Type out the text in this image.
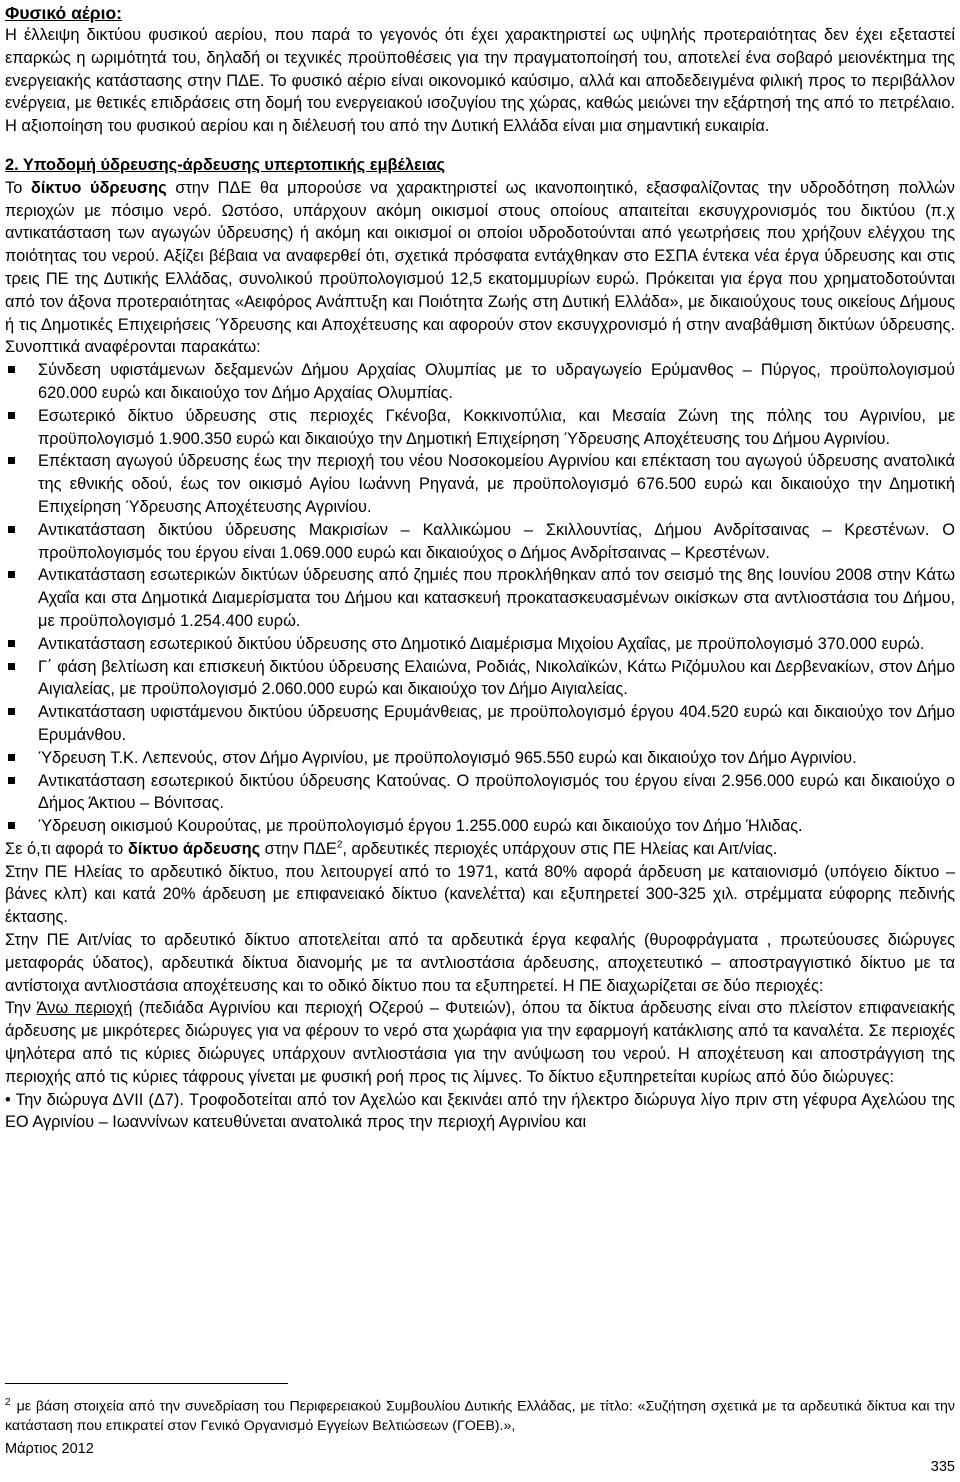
Φυσικό αέριο:

Η έλλειψη δικτύου φυσικού αερίου, που παρά το γεγονός ότι έχει χαρακτηριστεί ως υψηλής προτεραιότητας δεν έχει εξεταστεί επαρκώς η ωριμότητά του, δηλαδή οι τεχνικές προϋποθέσεις για την πραγματοποίησή του, αποτελεί ένα σοβαρό μειονέκτημα της ενεργειακής κατάστασης στην ΠΔΕ. Το φυσικό αέριο είναι οικονομικό καύσιμο, αλλά και αποδεδειγμένα φιλική προς το περιβάλλον ενέργεια, με θετικές επιδράσεις στη δομή του ενεργειακού ισοζυγίου της χώρας, καθώς μειώνει την εξάρτησή της από το πετρέλαιο. Η αξιοποίηση του φυσικού αερίου και η διέλευσή του από την Δυτική Ελλάδα είναι μια σημαντική ευκαιρία.

2. Υποδομή ύδρευσης-άρδευσης υπερτοπικής εμβέλειας
Το δίκτυο ύδρευσης στην ΠΔΕ θα μπορούσε να χαρακτηριστεί ως ικανοποιητικό, εξασφαλίζοντας την υδροδότηση πολλών περιοχών με πόσιμο νερό. Ωστόσο, υπάρχουν ακόμη οικισμοί στους οποίους απαιτείται εκσυγχρονισμός του δικτύου (π.χ αντικατάσταση των αγωγών ύδρευσης) ή ακόμη και οικισμοί οι οποίοι υδροδοτούνται από γεωτρήσεις που χρήζουν ελέγχου της ποιότητας του νερού. Αξίζει βέβαια να αναφερθεί ότι, σχετικά πρόσφατα εντάχθηκαν στο ΕΣΠΑ έντεκα νέα έργα ύδρευσης και στις τρεις ΠΕ της Δυτικής Ελλάδας, συνολικού προϋπολογισμού 12,5 εκατομμυρίων ευρώ. Πρόκειται για έργα που χρηματοδοτούνται από τον άξονα προτεραιότητας «Αειφόρος Ανάπτυξη και Ποιότητα Ζωής στη Δυτική Ελλάδα», με δικαιούχους τους οικείους Δήμους ή τις Δημοτικές Επιχειρήσεις Ύδρευσης και Αποχέτευσης και αφορούν στον εκσυγχρονισμό ή στην αναβάθμιση δικτύων ύδρευσης. Συνοπτικά αναφέρονται παρακάτω:

Σύνδεση υφιστάμενων δεξαμενών Δήμου Αρχαίας Ολυμπίας με το υδραγωγείο Ερύμανθος – Πύργος, προϋπολογισμού 620.000 ευρώ και δικαιούχο τον Δήμο Αρχαίας Ολυμπίας.
Εσωτερικό δίκτυο ύδρευσης στις περιοχές Γκένοβα, Κοκκινοπύλια, και Μεσαία Ζώνη της πόλης του Αγρινίου, με προϋπολογισμό 1.900.350 ευρώ και δικαιούχο την Δημοτική Επιχείρηση Ύδρευσης Αποχέτευσης του Δήμου Αγρινίου.
Επέκταση αγωγού ύδρευσης έως την περιοχή του νέου Νοσοκομείου Αγρινίου και επέκταση του αγωγού ύδρευσης ανατολικά της εθνικής οδού, έως τον οικισμό Αγίου Ιωάννη Ρηγανά, με προϋπολογισμό 676.500 ευρώ και δικαιούχο την Δημοτική Επιχείρηση Ύδρευσης Αποχέτευσης Αγρινίου.
Αντικατάσταση δικτύου ύδρευσης Μακρισίων – Καλλικώμου – Σκιλλουντίας, Δήμου Ανδρίτσαινας – Κρεστένων. Ο προϋπολογισμός του έργου είναι 1.069.000 ευρώ και δικαιούχος ο Δήμος Ανδρίτσαινας – Κρεστένων.
Αντικατάσταση εσωτερικών δικτύων ύδρευσης από ζημιές που προκλήθηκαν από τον σεισμό της 8ης Ιουνίου 2008 στην Κάτω Αχαΐα και στα Δημοτικά Διαμερίσματα του Δήμου και κατασκευή προκατασκευασμένων οικίσκων στα αντλιοστάσια του Δήμου, με προϋπολογισμό 1.254.400 ευρώ.
Αντικατάσταση εσωτερικού δικτύου ύδρευσης στο Δημοτικό Διαμέρισμα Μιχοίου Αχαΐας, με προϋπολογισμό 370.000 ευρώ.
Γ΄ φάση βελτίωση και επισκευή δικτύου ύδρευσης Ελαιώνα, Ροδιάς, Νικολαϊκών, Κάτω Ριζόμυλου και Δερβενακίων, στον Δήμο Αιγιαλείας, με προϋπολογισμό 2.060.000 ευρώ και δικαιούχο τον Δήμο Αιγιαλείας.
Αντικατάσταση υφιστάμενου δικτύου ύδρευσης Ερυμάνθειας, με προϋπολογισμό έργου 404.520 ευρώ και δικαιούχο τον Δήμο Ερυμάνθου.
Ύδρευση Τ.Κ. Λεπενούς, στον Δήμο Αγρινίου, με προϋπολογισμό 965.550 ευρώ και δικαιούχο τον Δήμο Αγρινίου.
Αντικατάσταση εσωτερικού δικτύου ύδρευσης Κατούνας. Ο προϋπολογισμός του έργου είναι 2.956.000 ευρώ και δικαιούχο ο Δήμος Άκτιου – Βόνιτσας.
Ύδρευση οικισμού Κουρούτας, με προϋπολογισμό έργου 1.255.000 ευρώ και δικαιούχο τον Δήμο Ήλιδας.

Σε ό,τι αφορά το δίκτυο άρδευσης στην ΠΔΕ$^2$, αρδευτικές περιοχές υπάρχουν στις ΠΕ Ηλείας και Αιτ/νίας.

Στην ΠΕ Ηλείας το αρδευτικό δίκτυο, που λειτουργεί από το 1971, κατά 80% αφορά άρδευση με καταιονισμό (υπόγειο δίκτυο – βάνες κλπ) και κατά 20% άρδευση με επιφανειακό δίκτυο (κανελέττα) και εξυπηρετεί 300-325 χιλ. στρέμματα εύφορης πεδινής έκτασης.

Στην ΠΕ Αιτ/νίας το αρδευτικό δίκτυο αποτελείται από τα αρδευτικά έργα κεφαλής (θυροφράγματα , πρωτεύουσες διώρυγες μεταφοράς ύδατος), αρδευτικά δίκτυα διανομής με τα αντλιοστάσια άρδευσης, αποχετευτικό – αποστραγγιστικό δίκτυο με τα αντίστοιχα αντλιοστάσια αποχέτευσης και το οδικό δίκτυο που τα εξυπηρετεί. Η ΠΕ διαχωρίζεται σε δύο περιοχές:

Την Άνω περιοχή (πεδιάδα Αγρινίου και περιοχή Οζερού – Φυτειών), όπου τα δίκτυα άρδευσης είναι στο πλείστον επιφανειακής άρδευσης με μικρότερες διώρυγες για να φέρουν το νερό στα χωράφια για την εφαρμογή κατάκλισης από τα καναλέτα. Σε περιοχές ψηλότερα από τις κύριες διώρυγες υπάρχουν αντλιοστάσια για την ανύψωση του νερού. Η αποχέτευση και αποστράγγιση της περιοχής από τις κύριες τάφρους γίνεται με φυσική ροή προς τις λίμνες. Το δίκτυο εξυπηρετείται κυρίως από δύο διώρυγες:

• Την διώρυγα ΔVII (Δ7). Τροφοδοτείται από τον Αχελώο και ξεκινάει από την ήλεκτρο διώρυγα λίγο πριν στη γέφυρα Αχελώου της ΕΟ Αγρινίου – Ιωαννίνων κατευθύνεται ανατολικά προς την περιοχή Αγρινίου και

$^2$ με βάση στοιχεία από την συνεδρίαση του Περιφερειακού Συμβουλίου Δυτικής Ελλάδας, με τίτλο: «Συζήτηση σχετικά με τα αρδευτικά δίκτυα και την κατάσταση που επικρατεί στον Γενικό Οργανισμό Εγγείων Βελτιώσεων (ΓΟΕΒ).»,
Μάρτιος 2012
335
